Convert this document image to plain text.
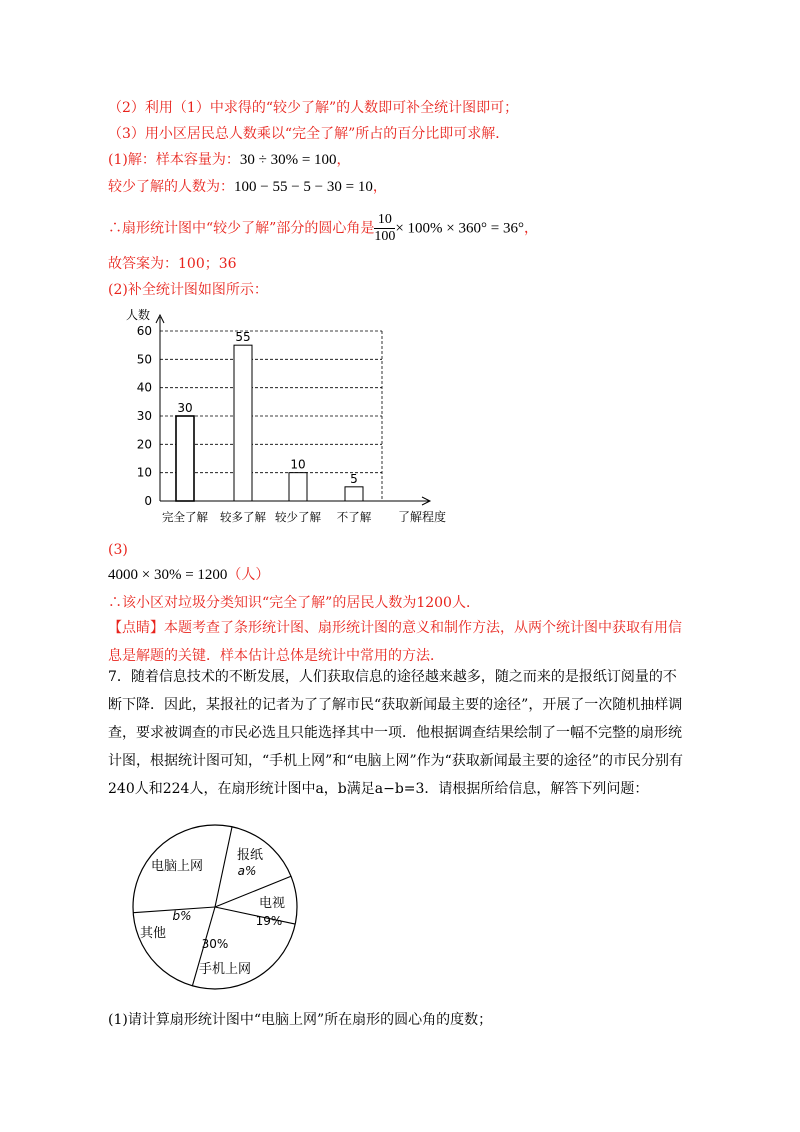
（2）利用（1）中求得的“较少了解”的人数即可补全统计图即可；
（3）用小区居民总人数乘以“完全了解”所占的百分比即可求解．
(1)解：样本容量为：30 ÷ 30% = 100，
较少了解的人数为：100 − 55 − 5 − 30 = 10，
∴扇形统计图中“较少了解”部分的圆心角是 $\frac{10}{100} \times 100\% \times 360^\circ = 36^\circ$，
故答案为：100；36
(2)补全统计图如图所示：
0
10
20
30
40
50
60
人数
了解程度
30
完全了解
55
较多了解
10
较少了解
5
不了解
(3)
4000 × 30% = 1200（人）
∴该小区对垃圾分类知识“完全了解”的居民人数为1200人．
【点睛】本题考查了条形统计图、扇形统计图的意义和制作方法，从两个统计图中获取有用信息是解题的关键．样本估计总体是统计中常用的方法．
7．随着信息技术的不断发展，人们获取信息的途径越来越多，随之而来的是报纸订阅量的不断下降．因此，某报社的记者为了了解市民“获取新闻最主要的途径”，开展了一次随机抽样调查，要求被调查的市民必选且只能选择其中一项．他根据调查结果绘制了一幅不完整的扇形统计图，根据统计图可知，“手机上网”和“电脑上网”作为“获取新闻最主要的途径”的市民分别有240人和224人，在扇形统计图中a，b满足a−b=3．请根据所给信息，解答下列问题：
电脑上网
报纸
a%
电视
19%
手机上网
30%
其他
b%
(1)请计算扇形统计图中“电脑上网”所在扇形的圆心角的度数；
